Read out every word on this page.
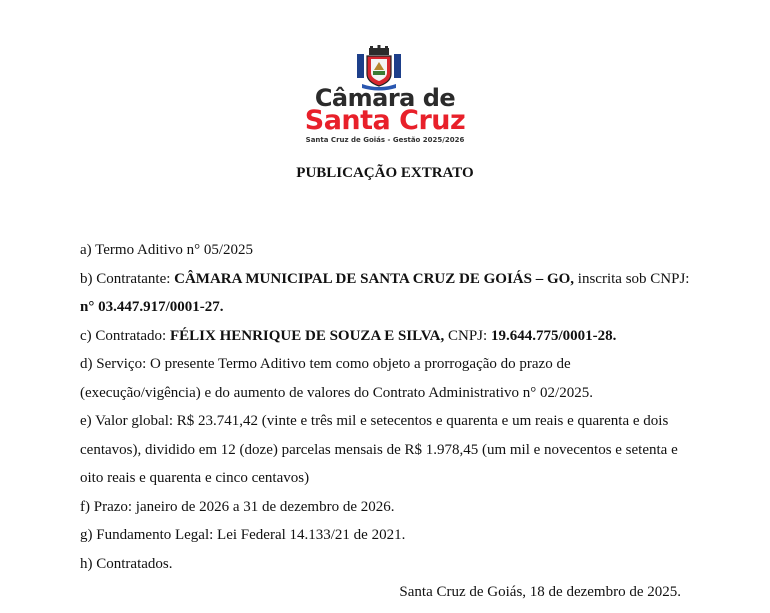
Câmara de
Santa Cruz
Santa Cruz de Goiás - Gestão 2025/2026
PUBLICAÇÃO EXTRATO

a) Termo Aditivo n° 05/2025

b) Contratante: CÂMARA MUNICIPAL DE SANTA CRUZ DE GOIÁS – GO, inscrita sob CNPJ: n° 03.447.917/0001-27.

c) Contratado: FÉLIX HENRIQUE DE SOUZA E SILVA, CNPJ: 19.644.775/0001-28.

d) Serviço: O presente Termo Aditivo tem como objeto a prorrogação do prazo de (execução/vigência) e do aumento de valores do Contrato Administrativo n° 02/2025.

e) Valor global: R$ 23.741,42 (vinte e três mil e setecentos e quarenta e um reais e quarenta e dois centavos), dividido em 12 (doze) parcelas mensais de R$ 1.978,45 (um mil e novecentos e setenta e oito reais e quarenta e cinco centavos)

f) Prazo: janeiro de 2026 a 31 de dezembro de 2026.

g) Fundamento Legal: Lei Federal 14.133/21 de 2021.

h) Contratados.

Santa Cruz de Goiás, 18 de dezembro de 2025.
